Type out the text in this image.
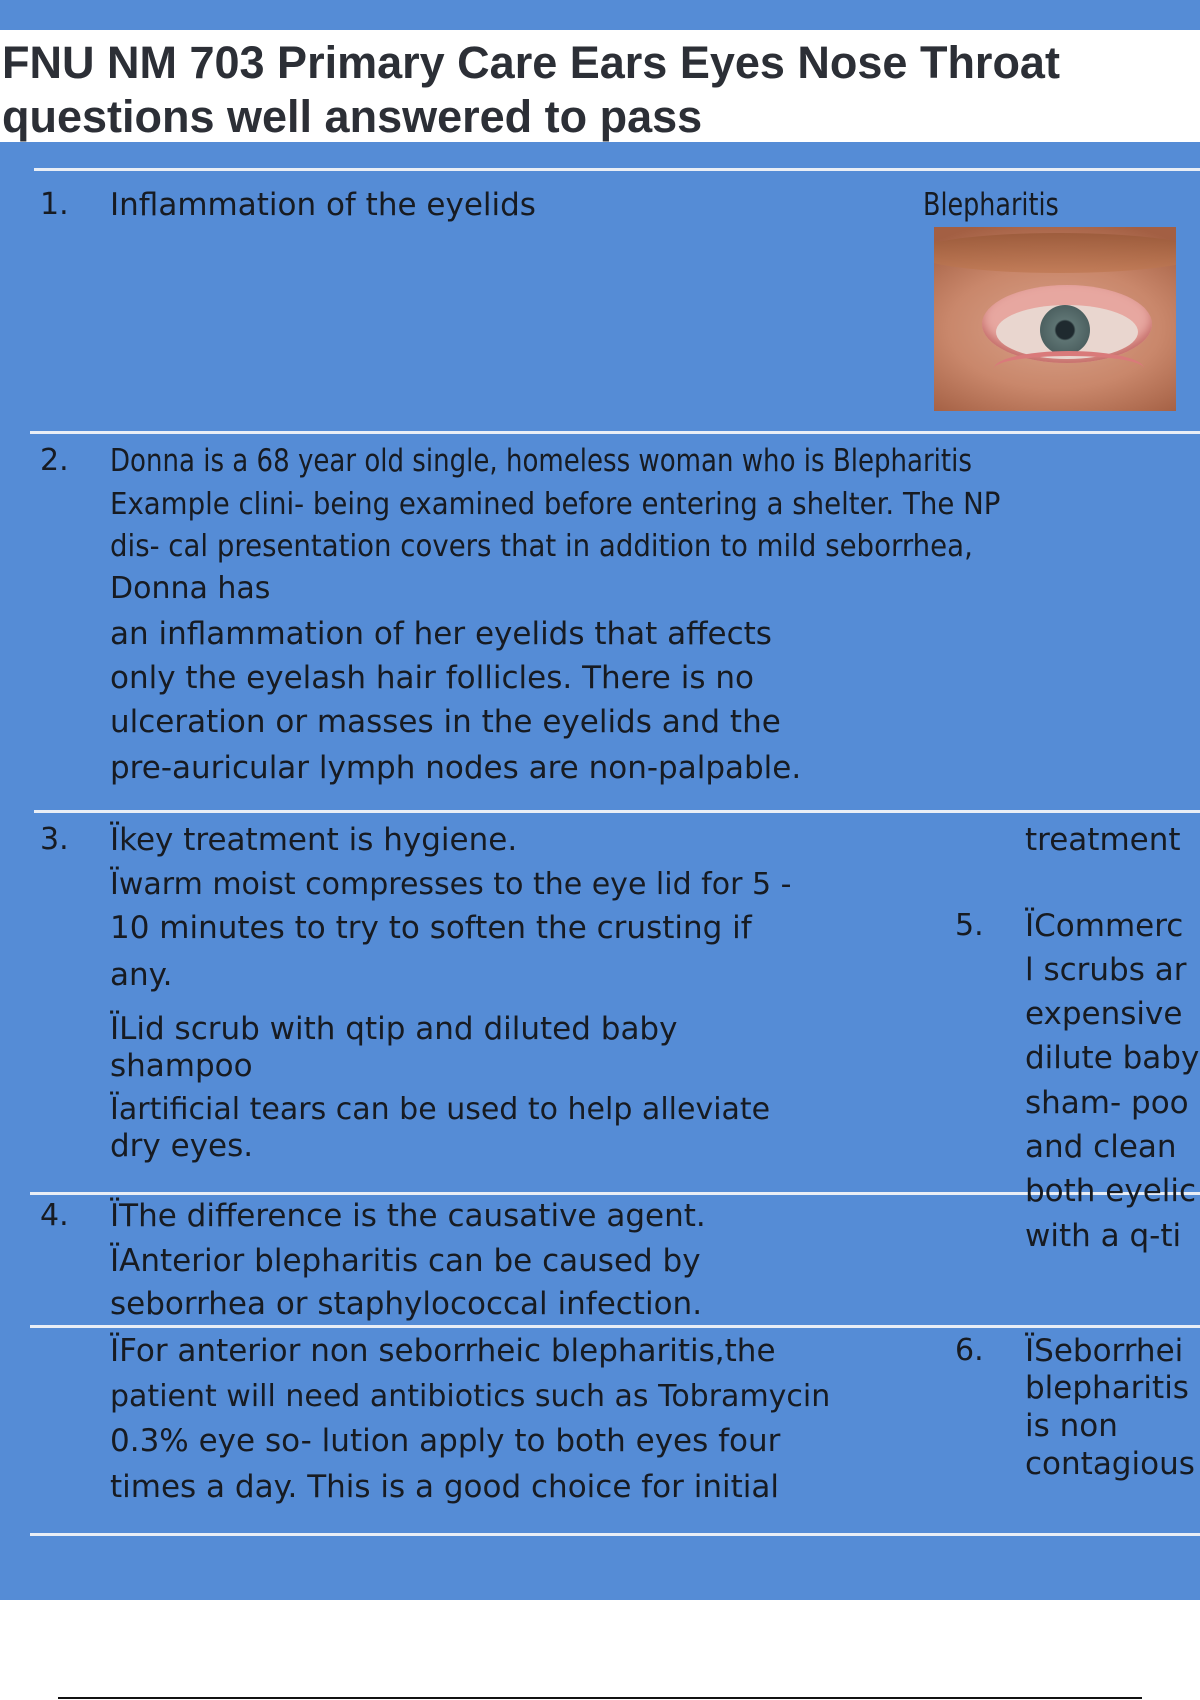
FNU NM 703 Primary Care Ears Eyes Nose Throat questions well answered to pass
1. Inflammation of the eyelids	Blepharitis
2. Donna is a 68 year old single, homeless woman who is Blepharitis
Example clini- being examined before entering a shelter. The NP
dis- cal presentation covers that in addition to mild seborrhea,
Donna has
an inflammation of her eyelids that affects
only the eyelash hair follicles. There is no
ulceration or masses in the eyelids and the
pre-auricular lymph nodes are non-palpable.
3. Ïkey treatment is hygiene.
Ïwarm moist compresses to the eye lid for 5 -
10 minutes to try to soften the crusting if
any.
ÏLid scrub with qtip and diluted baby
shampoo
Ïartificial tears can be used to help alleviate
dry eyes.
4. ÏThe difference is the causative agent.
ÏAnterior blepharitis can be caused by
seborrhea or staphylococcal infection.
ÏFor anterior non seborrheic blepharitis,the
patient will need antibiotics such as Tobramycin
0.3% eye so- lution apply to both eyes four
times a day. This is a good choice for initial
treatment
5. ÏCommerc
l scrubs ar
expensive
dilute baby
sham- poo
and clean
both eyelic
with a q-ti
6. ÏSeborrhei
blepharitis
is non
contagious
